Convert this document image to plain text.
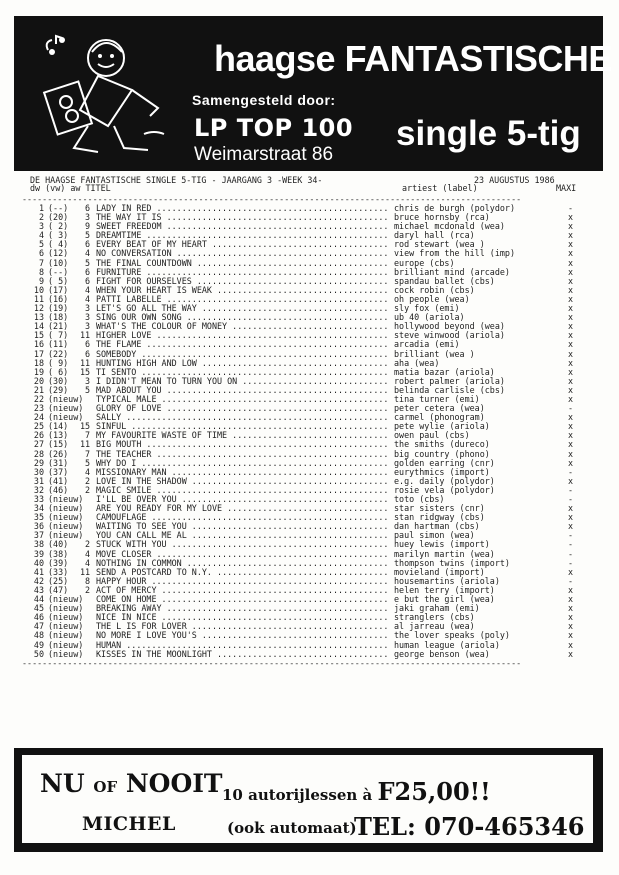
haagse FANTASTISCHE
Samengesteld door:
LP TOP 100
Weimarstraat 86
single 5-tig
DE HAAGSE FANTASTISCHE SINGLE 5-TIG - JAARGANG 3 -WEEK 34-	23 AUGUSTUS 1986
dw (vw) aw TITEL	artiest (label)	MAXI
---------------------------------------------------------------------------------------------------
1 (--)	6 LADY IN RED .....	chris de burgh (polydor)	-
2 (20)	3 THE WAY IT IS .....	bruce hornsby (rca)	x
3 ( 2)	9 SWEET FREEDOM .....	michael mcdonald (wea)	x
4 ( 3)	5 DREAMTIME .....	daryl hall (rca)	x
5 ( 4)	6 EVERY BEAT OF MY HEART .....	rod stewart (wea )	x
6 (12)	4 NO CONVERSATION .....	view from the hill (imp)	x
7 (10)	5 THE FINAL COUNTDOWN .....	europe (cbs)	x
8 (--)	6 FURNITURE .....	brilliant mind (arcade)	x
9 ( 5)	6 FIGHT FOR OURSELVES .....	spandau ballet (cbs)	x
10 (17)	4 WHEN YOUR HEART IS WEAK .....	cock robin (cbs)	x
11 (16)	4 PATTI LABELLE .....	oh people (wea)	x
12 (19)	3 LET'S GO ALL THE WAY .....	sly fox (emi)	x
13 (18)	3 SING OUR OWN SONG .....	ub 40 (ariola)	x
14 (21)	3 WHAT'S THE COLOUR OF MONEY .....	hollywood beyond (wea)	x
15 ( 7) 11 HIGHER LOVE .....	steve winwood (ariola)	x
16 (11)	6 THE FLAME .....	arcadia (emi)	x
17 (22)	6 SOMEBODY .....	brilliant (wea )	x
18 ( 9) 11 HUNTING HIGH AND LOW .....	aha (wea)	x
19 ( 6) 15 TI SENTO .....	matia bazar (ariola)	x
20 (30)	3 I DIDN'T MEAN TO TURN YOU ON .....	robert palmer (ariola)	x
21 (29)	5 MAD ABOUT YOU .....	belinda carlisle (cbs)	x
22 (nieuw) TYPICAL MALE .....	tina turner (emi)	x
23 (nieuw) GLORY OF LOVE .....	peter cetera (wea)	-
24 (nieuw) SALLY .....	carmel (phonogram)	x
25 (14) 15 SINFUL .....	pete wylie (ariola)	x
26 (13)	7 MY FAVOURITE WASTE OF TIME .....	owen paul (cbs)	x
27 (15) 11 BIG MOUTH .....	the smiths (dureco)	x
28 (26)	7 THE TEACHER .....	big country (phono)	x
29 (31)	5 WHY DO I .....	golden earring (cnr)	x
30 (37)	4 MISSIONARY MAN .....	eurythmics (import)	-
31 (41)	2 LOVE IN THE SHADOW .....	e.g. daily (polydor)	x
32 (46)	2 MAGIC SMILE .....	rosie vela (polydor)	-
33 (nieuw) I'LL BE OVER YOU .....	toto (cbs)	-
34 (nieuw) ARE YOU READY FOR MY LOVE .....	star sisters (cnr)	x
35 (nieuw) CAMOUFLAGE .....	stan ridgway (cbs)	x
36 (nieuw) WAITING TO SEE YOU .....	dan hartman (cbs)	x
37 (nieuw) YOU CAN CALL ME AL .....	paul simon (wea)	-
38 (40)	2 STUCK WITH YOU .....	huey lewis (import)	-
39 (38)	4 MOVE CLOSER .....	marilyn martin (wea)	-
40 (39)	4 NOTHING IN COMMON .....	thompson twins (import)	-
41 (33) 11 SEND A POSTCARD TO N.Y. .....	movieland (import)	x
42 (25)	8 HAPPY HOUR .....	housemartins (ariola)	-
43 (47)	2 ACT OF MERCY .....	helen terry (import)	x
44 (nieuw) COME ON HOME .....	e but the girl (wea)	x
45 (nieuw) BREAKING AWAY .....	jaki graham (emi)	x
46 (nieuw) NICE IN NICE .....	stranglers (cbs)	x
47 (nieuw) THE L IS FOR LOVER .....	al jarreau (wea)	x
48 (nieuw) NO MORE I LOVE YOU'S .....	the lover speaks (poly)	x
49 (nieuw) HUMAN .....	human league (ariola)	x
50 (nieuw) KISSES IN THE MOONLIGHT .....	george benson (wea)	x
---------------------------------------------------------------------------------------------------
NU OF NOOIT 10 autorijlessen à F25,00!!
MICHEL	(ook automaat)
TEL: 070-465346
